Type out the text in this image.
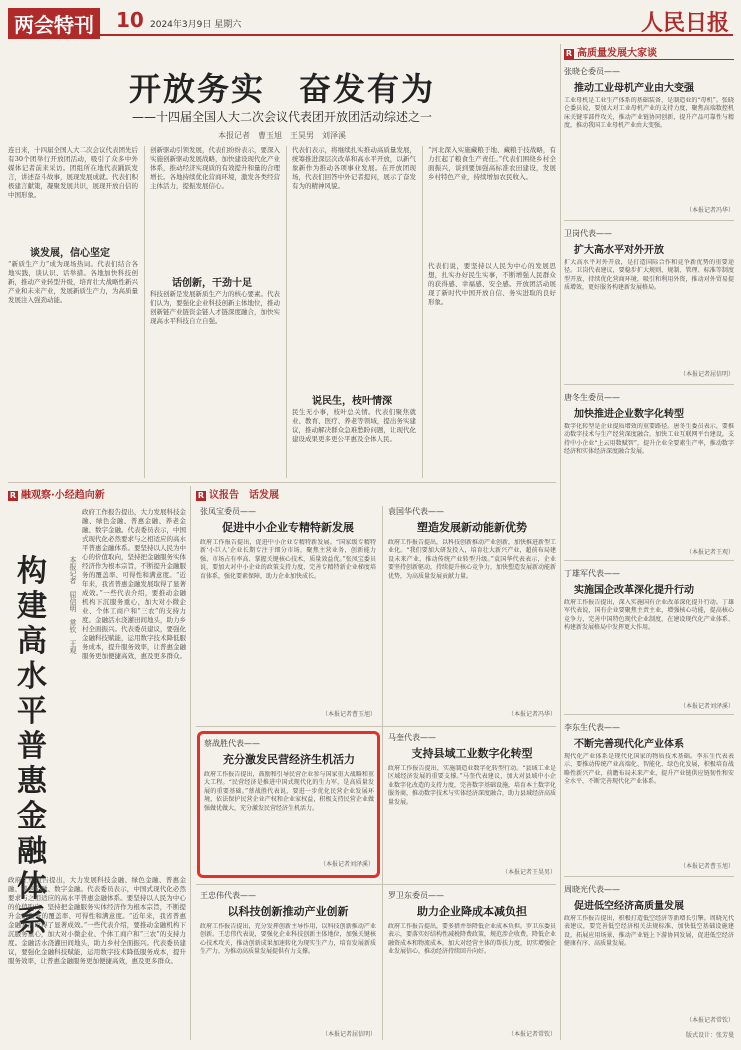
两会特刊	10 2024年3月9日 星期六	人民日报
开放务实　奋发有为
——十四届全国人大二次会议代表团开放团活动综述之一
本报记者　曹玉旭　王昊男　刘泽溪
连日来，十四届全国人大二次会议代表团先后有30个团举行开放团活动，吸引了众多中外媒体记者前来采访。团组所在地代表踊跃发言，讲述奋斗故事，展现发展成就。代表们积极建言献策，凝聚发展共识，展现开放自信的中国形象。
谈发展，信心坚定
“新质生产力”成为现场热词。代表们结合各地实践，谈认识、话举措。各地加快科技创新，推动产业转型升级，培育壮大战略性新兴产业和未来产业，发展新质生产力，为高质量发展注入强劲动能。
创新驱动引领发展，代表们纷纷表示，要深入实施创新驱动发展战略，加快建设现代化产业体系，推动经济实现质的有效提升和量的合理增长。各地持续优化营商环境，激发各类经营主体活力，提振发展信心。
话创新，干劲十足
科技创新是发展新质生产力的核心要素。代表们认为，要强化企业科技创新主体地位，推动创新链产业链资金链人才链深度融合，加快实现高水平科技自立自强。
代表们表示，将继续扎实推动高质量发展，统筹推进深层次改革和高水平开放，以新气象新作为推动各项事业发展。在开放团现场，代表们回答中外记者提问，展示了奋发有为的精神风貌。
说民生，枝叶情深
民生无小事，枝叶总关情。代表们聚焦就业、教育、医疗、养老等领域，提出务实建议，推动解决群众急难愁盼问题，让现代化建设成果更多更公平惠及全体人民。
“河北深入实施藏粮于地、藏粮于技战略，有力扛起了粮食生产责任。”代表们围绕乡村全面振兴，谈到要加强高标准农田建设，发展乡村特色产业，持续增加农民收入。
代表们说，要坚持以人民为中心的发展思想，扎实办好民生实事，不断增强人民群众的获得感、幸福感、安全感。开放团活动展现了新时代中国开放自信、务实进取的良好形象。
R 融观察·小经趋向新
构建高水平普惠金融体系
本报记者　屈信明　常钦　王观
政府工作报告提出，大力发展科技金融、绿色金融、普惠金融、养老金融、数字金融。代表委员表示，中国式现代化必然要求与之相适应的高水平普惠金融体系。要坚持以人民为中心的价值取向，坚持把金融服务实体经济作为根本宗旨，不断提升金融服务的覆盖率、可得性和满意度。“近年来，我省普惠金融发展取得了显著成效。”一些代表介绍，要推动金融机构下沉服务重心，加大对小微企业、个体工商户和“三农”的支持力度。金融活水浇灌田间地头，助力乡村全面振兴。代表委员建议，要强化金融科技赋能，运用数字技术降低服务成本，提升服务效率，让普惠金融服务更加便捷高效，惠及更多群众。
政府工作报告提出，大力发展科技金融、绿色金融、普惠金融、养老金融、数字金融。代表委员表示，中国式现代化必然要求与之相适应的高水平普惠金融体系。要坚持以人民为中心的价值取向，坚持把金融服务实体经济作为根本宗旨，不断提升金融服务的覆盖率、可得性和满意度。“近年来，我省普惠金融发展取得了显著成效。”一些代表介绍，要推动金融机构下沉服务重心，加大对小微企业、个体工商户和“三农”的支持力度。金融活水浇灌田间地头，助力乡村全面振兴。代表委员建议，要强化金融科技赋能，运用数字技术降低服务成本，提升服务效率，让普惠金融服务更加便捷高效，惠及更多群众。
R 议报告　话发展
张凤宝委员——
促进中小企业专精特新发展
政府工作报告提出，促进中小企业专精特新发展。“国家级专精特新‘小巨人’企业长期专注于细分市场，聚焦主营业务，创新能力强、市场占有率高、掌握关键核心技术，质量效益优。”张凤宝委员说，要加大对中小企业的政策支持力度，完善专精特新企业梯度培育体系，强化要素保障，助力企业加快成长。
（本报记者曹玉旭）
袁国华代表——
塑造发展新动能新优势
政府工作报告提出，以科技创新推动产业创新，加快推进新型工业化。“我们要加大研发投入，培育壮大新兴产业，超前布局建设未来产业，推动传统产业转型升级。”袁国华代表表示，企业要坚持创新驱动，持续提升核心竞争力，加快塑造发展新动能新优势，为高质量发展贡献力量。
（本报记者冯华）
蔡战胜代表——
充分激发民营经济生机活力
政府工作报告提出，鼓励和引导民营企业参与国家重大战略和重大工程。“民营经济是推进中国式现代化的生力军，是高质量发展的重要基础。”蔡战胜代表说，要进一步优化民营企业发展环境，依法保护民营企业产权和企业家权益，积极支持民营企业做强做优做大，充分激发民营经济生机活力。
（本报记者刘泽溪）
马奎代表——
支持县域工业数字化转型
政府工作报告提出，实施制造业数字化转型行动。“县域工业是区域经济发展的重要支撑。”马奎代表建议，加大对县域中小企业数字化改造的支持力度，完善数字基础设施，培育本土数字化服务商，推动数字技术与实体经济深度融合，助力县域经济高质量发展。
（本报记者王昊男）
王忠伟代表——
以科技创新推动产业创新
政府工作报告提出，充分发挥创新主导作用，以科技创新推动产业创新。王忠伟代表说，要强化企业科技创新主体地位，加强关键核心技术攻关，推动创新成果加速转化为现实生产力，培育发展新质生产力，为推动高质量发展提供有力支撑。
（本报记者屈信明）
罗卫东委员——
助力企业降成本减负担
政府工作报告提出，要多措并举降低企业成本负担。罗卫东委员表示，要落实好结构性减税降费政策，规范涉企收费，降低企业融资成本和物流成本，加大对经营主体的帮扶力度，切实增强企业发展信心，推动经济持续回升向好。
（本报记者常钦）
R 高质量发展大家谈
张晓仑委员——
推动工业母机产业由大变强
工业母机是工业生产体系的基础装备，是制造业的“母机”。张晓仑委员说，要加大对工业母机产业的支持力度，聚焦高端数控机床关键零部件攻关，推动产业链协同创新，提升产品可靠性与精度，推动我国工业母机产业由大变强。
（本报记者冯华）
卫岗代表——
扩大高水平对外开放
扩大高水平对外开放，是打造国际合作和竞争新优势的重要途径。卫岗代表建议，要稳步扩大规则、规制、管理、标准等制度型开放，持续优化营商环境，吸引和利用外资，推动对外贸易提质增效，更好服务构建新发展格局。
（本报记者屈信明）
唐冬生委员——
加快推进企业数字化转型
数字化转型是企业提质增效的重要路径。唐冬生委员表示，要推动数字技术与生产经营深度融合，加快工业互联网平台建设，支持中小企业“上云用数赋智”，提升企业全要素生产率，推动数字经济和实体经济深度融合发展。
（本报记者王观）
丁雄军代表——
实施国企改革深化提升行动
政府工作报告提出，深入实施国有企业改革深化提升行动。丁雄军代表说，国有企业要聚焦主责主业，增强核心功能，提高核心竞争力，完善中国特色现代企业制度，在建设现代化产业体系、构建新发展格局中发挥更大作用。
（本报记者刘泽溪）
李东生代表——
不断完善现代化产业体系
现代化产业体系是现代化国家的物质技术基础。李东生代表表示，要推动传统产业高端化、智能化、绿色化发展，积极培育战略性新兴产业，前瞻布局未来产业，提升产业链供应链韧性和安全水平，不断完善现代化产业体系。
（本报记者曹玉旭）
周晓光代表——
促进低空经济高质量发展
政府工作报告提出，积极打造低空经济等新增长引擎。周晓光代表建议，要完善低空经济相关法规标准，加快低空基础设施建设，拓展应用场景，推动产业链上下游协同发展，促进低空经济健康有序、高质量发展。
（本报记者常钦）
版式设计：张芳曼
